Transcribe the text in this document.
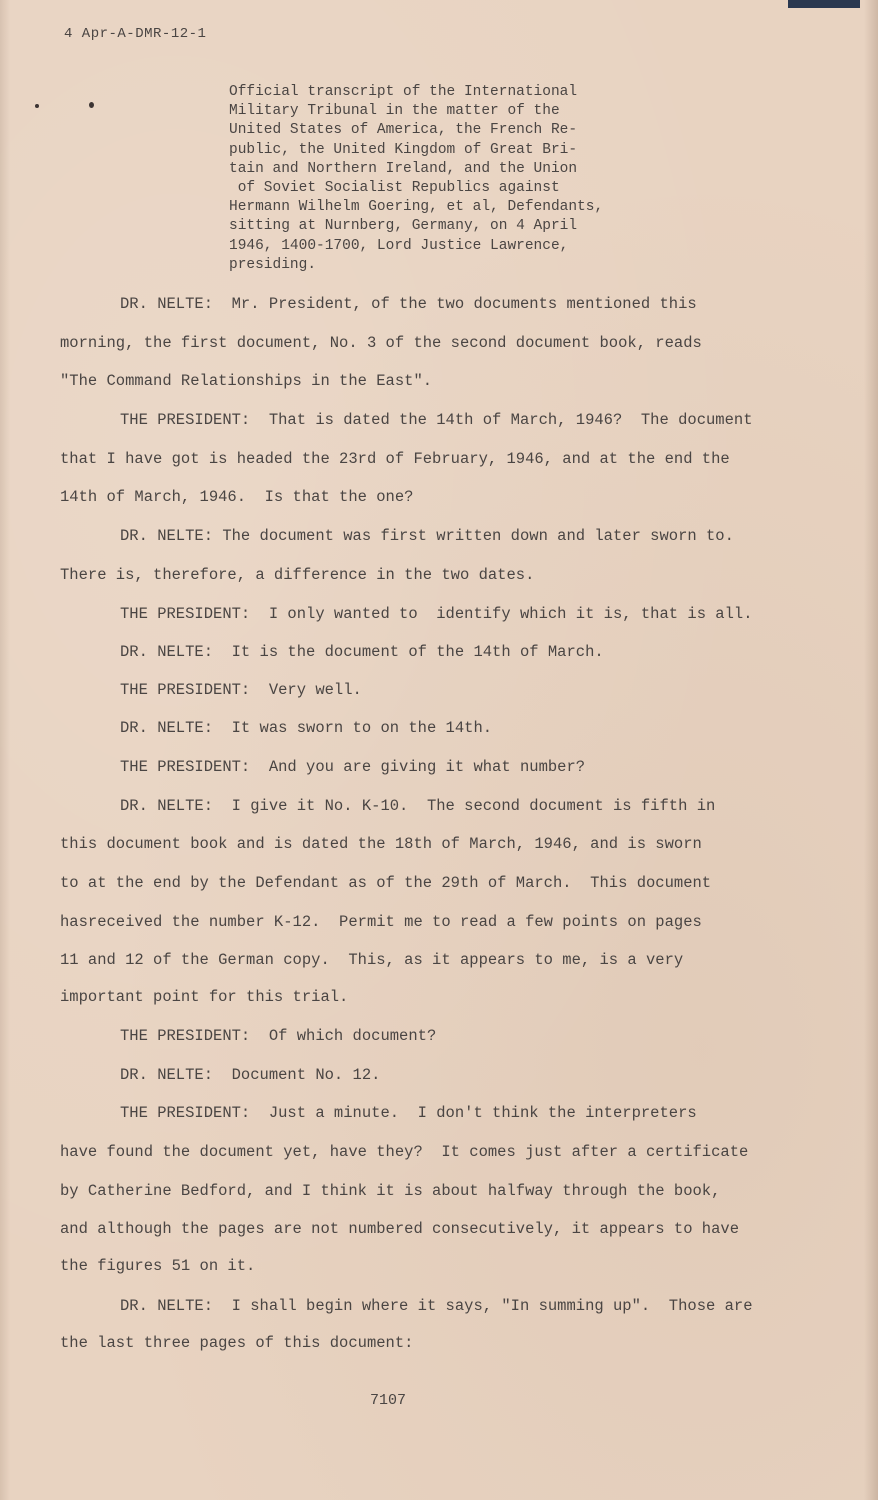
4 Apr-A-DMR-12-1
Official transcript of the International
Military Tribunal in the matter of the
United States of America, the French Re-
public, the United Kingdom of Great Bri-
tain and Northern Ireland, and the Union
of Soviet Socialist Republics against
Hermann Wilhelm Goering, et al, Defendants,
sitting at Nurnberg, Germany, on 4 April
1946, 1400-1700, Lord Justice Lawrence,
presiding.
DR. NELTE:  Mr. President, of the two documents mentioned this
morning, the first document, No. 3 of the second document book, reads
"The Command Relationships in the East".
THE PRESIDENT:  That is dated the 14th of March, 1946?  The document
that I have got is headed the 23rd of February, 1946, and at the end the
14th of March, 1946.  Is that the one?
DR. NELTE: The document was first written down and later sworn to.
There is, therefore, a difference in the two dates.
THE PRESIDENT:  I only wanted to  identify which it is, that is all.
DR. NELTE:  It is the document of the 14th of March.
THE PRESIDENT:  Very well.
DR. NELTE:  It was sworn to on the 14th.
THE PRESIDENT:  And you are giving it what number?
DR. NELTE:  I give it No. K-10.  The second document is fifth in
this document book and is dated the 18th of March, 1946, and is sworn
to at the end by the Defendant as of the 29th of March.  This document
hasreceived the number K-12.  Permit me to read a few points on pages
11 and 12 of the German copy.  This, as it appears to me, is a very
important point for this trial.
THE PRESIDENT:  Of which document?
DR. NELTE:  Document No. 12.
THE PRESIDENT:  Just a minute.  I don't think the interpreters
have found the document yet, have they?  It comes just after a certificate
by Catherine Bedford, and I think it is about halfway through the book,
and although the pages are not numbered consecutively, it appears to have
the figures 51 on it.
DR. NELTE:  I shall begin where it says, "In summing up".  Those are
the last three pages of this document:
7107
